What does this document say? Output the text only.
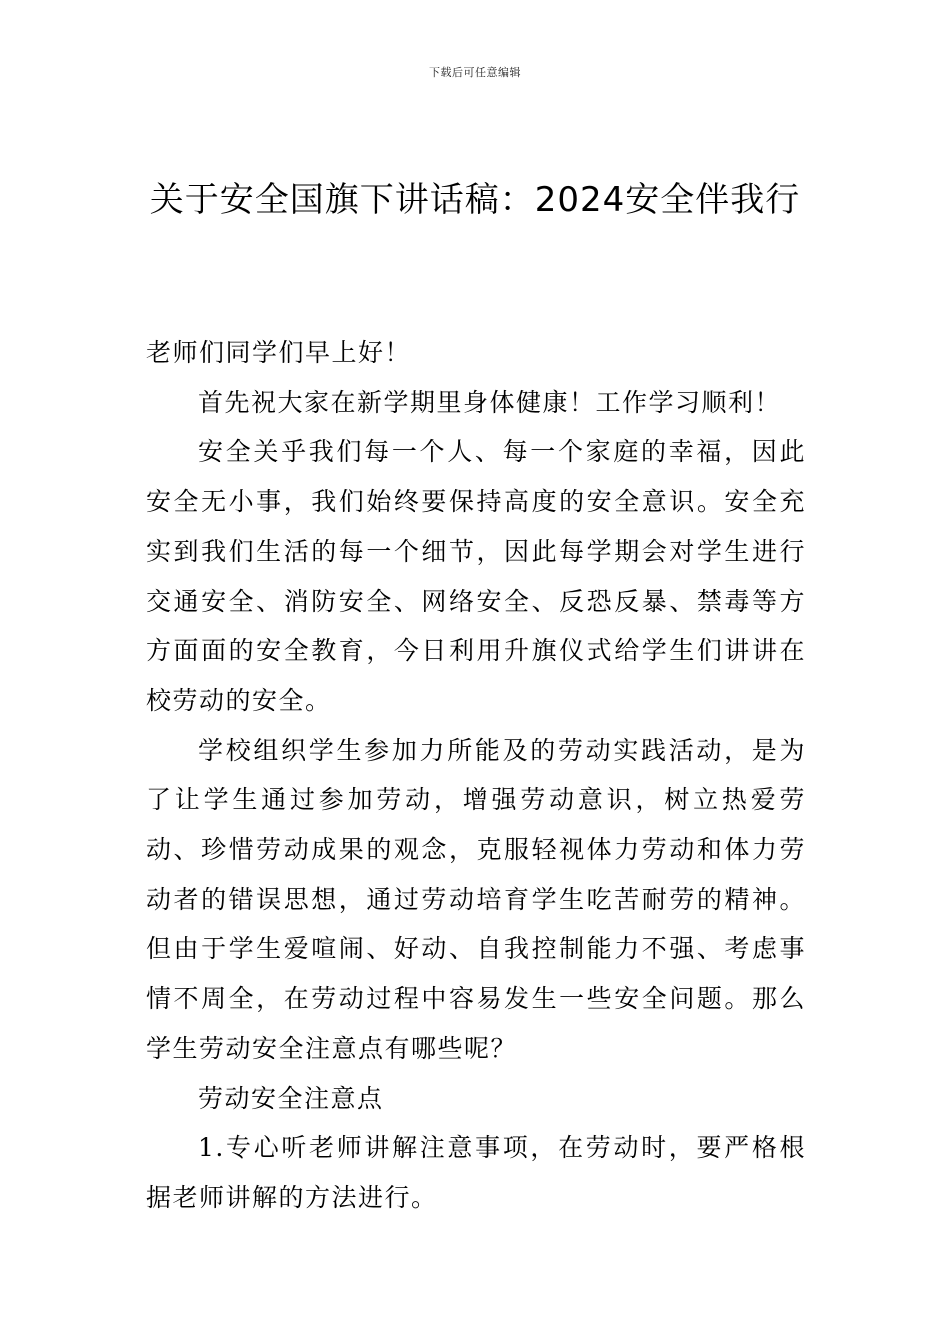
下载后可任意编辑
关于安全国旗下讲话稿：2024安全伴我行

老师们同学们早上好！

首先祝大家在新学期里身体健康！工作学习顺利！

安全关乎我们每一个人、每一个家庭的幸福，因此安全无小事，我们始终要保持高度的安全意识。安全充实到我们生活的每一个细节，因此每学期会对学生进行交通安全、消防安全、网络安全、反恐反暴、禁毒等方方面面的安全教育，今日利用升旗仪式给学生们讲讲在校劳动的安全。

学校组织学生参加力所能及的劳动实践活动，是为了让学生通过参加劳动，增强劳动意识，树立热爱劳动、珍惜劳动成果的观念，克服轻视体力劳动和体力劳动者的错误思想，通过劳动培育学生吃苦耐劳的精神。但由于学生爱喧闹、好动、自我控制能力不强、考虑事情不周全，在劳动过程中容易发生一些安全问题。那么学生劳动安全注意点有哪些呢？

劳动安全注意点

1.专心听老师讲解注意事项，在劳动时，要严格根据老师讲解的方法进行。
